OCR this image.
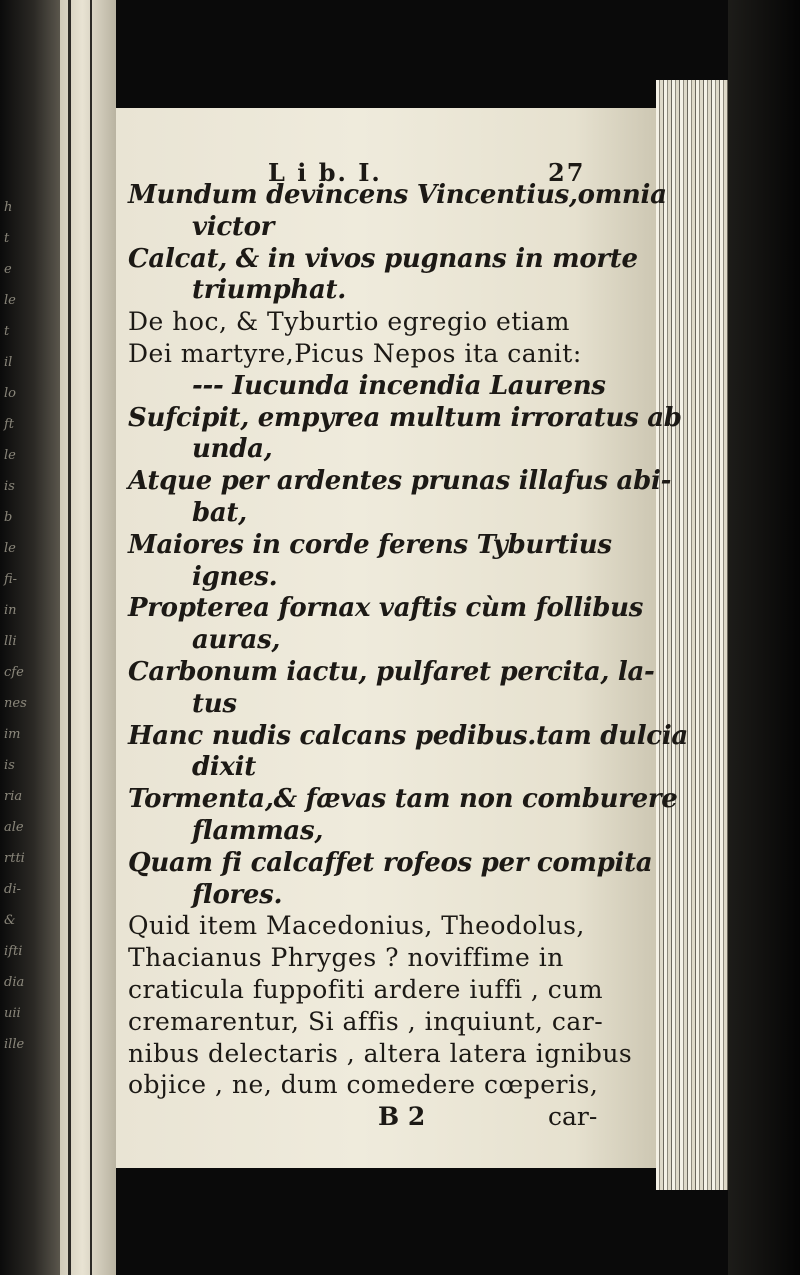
h
t
e
le
t
il
lo
ft
le
is
b
le
fi-
in
lli
cfe
nes
im
is
ria
ale
rtti
di-
&
ifti
dia
uii
ille
L i b. I.	27
Mundum devincens Vincentius,omnia
victor
Calcat, & in vivos pugnans in morte
triumphat.
De hoc, & Tyburtio egregio etiam
Dei martyre,Picus Nepos ita canit:
--- Iucunda incendia Laurens
Sufcipit, empyrea multum irroratus ab
unda,
Atque per ardentes prunas illafus abi-
bat,
Maiores in corde ferens Tyburtius
ignes.
Propterea fornax vaftis cùm follibus
auras,
Carbonum iactu, pulfaret percita, la-
tus
Hanc nudis calcans pedibus.tam dulcia
dixit
Tormenta,& fævas tam non comburere
flammas,
Quam fi calcaffet rofeos per compita
flores.
Quid item Macedonius, Theodolus,
Thacianus Phryges ? noviffime in
craticula fuppofiti ardere iuffi , cum
cremarentur, Si affis , inquiunt, car-
nibus delectaris , altera latera ignibus
objice , ne, dum comedere cœperis,
B 2	car-
